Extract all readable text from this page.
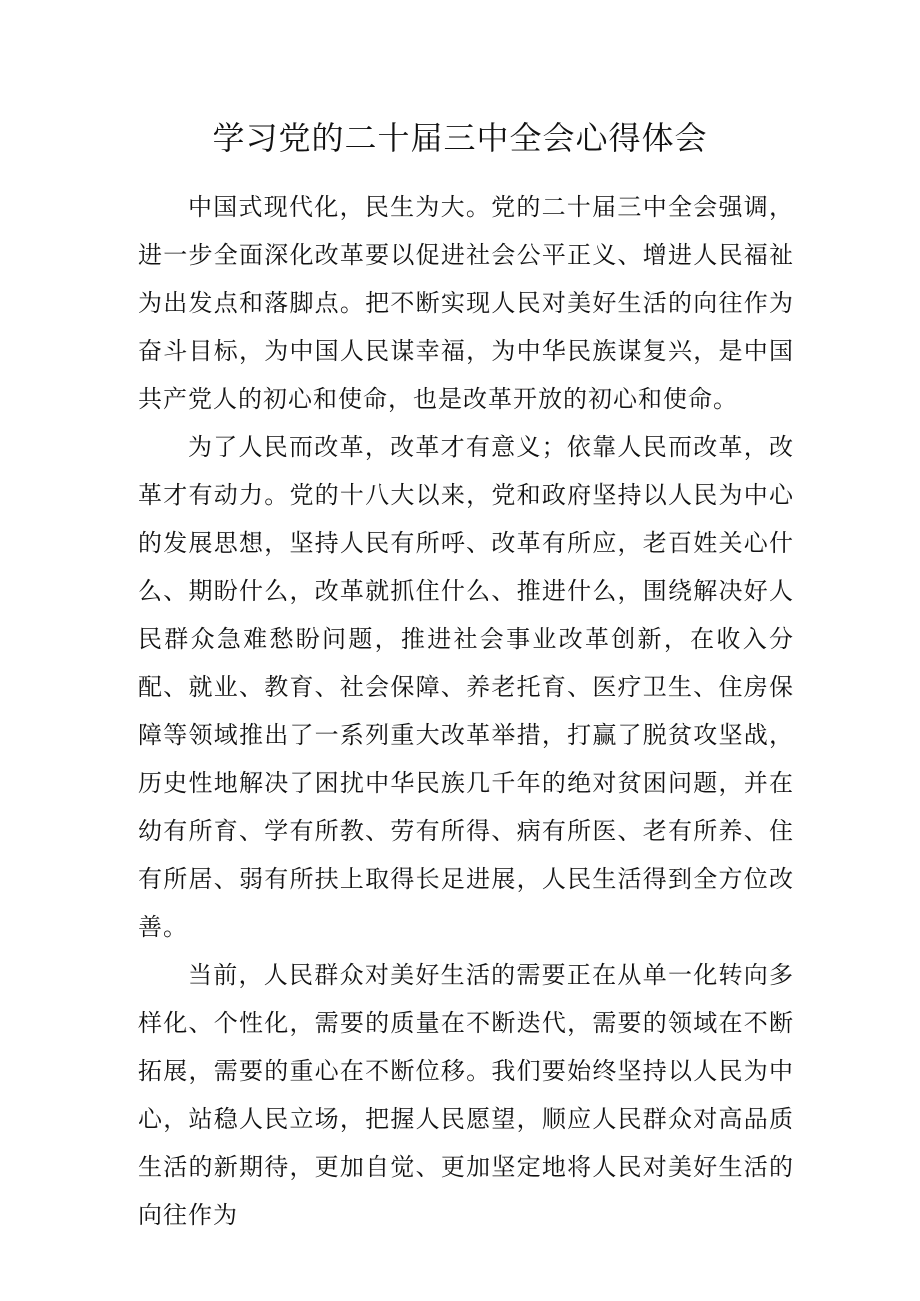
学习党的二十届三中全会心得体会

中国式现代化，民生为大。党的二十届三中全会强调，进一步全面深化改革要以促进社会公平正义、增进人民福祉为出发点和落脚点。把不断实现人民对美好生活的向往作为奋斗目标，为中国人民谋幸福，为中华民族谋复兴，是中国共产党人的初心和使命，也是改革开放的初心和使命。

为了人民而改革，改革才有意义；依靠人民而改革，改革才有动力。党的十八大以来，党和政府坚持以人民为中心的发展思想，坚持人民有所呼、改革有所应，老百姓关心什么、期盼什么，改革就抓住什么、推进什么，围绕解决好人民群众急难愁盼问题，推进社会事业改革创新，在收入分配、就业、教育、社会保障、养老托育、医疗卫生、住房保障等领域推出了一系列重大改革举措，打赢了脱贫攻坚战，历史性地解决了困扰中华民族几千年的绝对贫困问题，并在幼有所育、学有所教、劳有所得、病有所医、老有所养、住有所居、弱有所扶上取得长足进展，人民生活得到全方位改善。

当前，人民群众对美好生活的需要正在从单一化转向多样化、个性化，需要的质量在不断迭代，需要的领域在不断拓展，需要的重心在不断位移。我们要始终坚持以人民为中心，站稳人民立场，把握人民愿望，顺应人民群众对高品质生活的新期待，更加自觉、更加坚定地将人民对美好生活的向往作为
